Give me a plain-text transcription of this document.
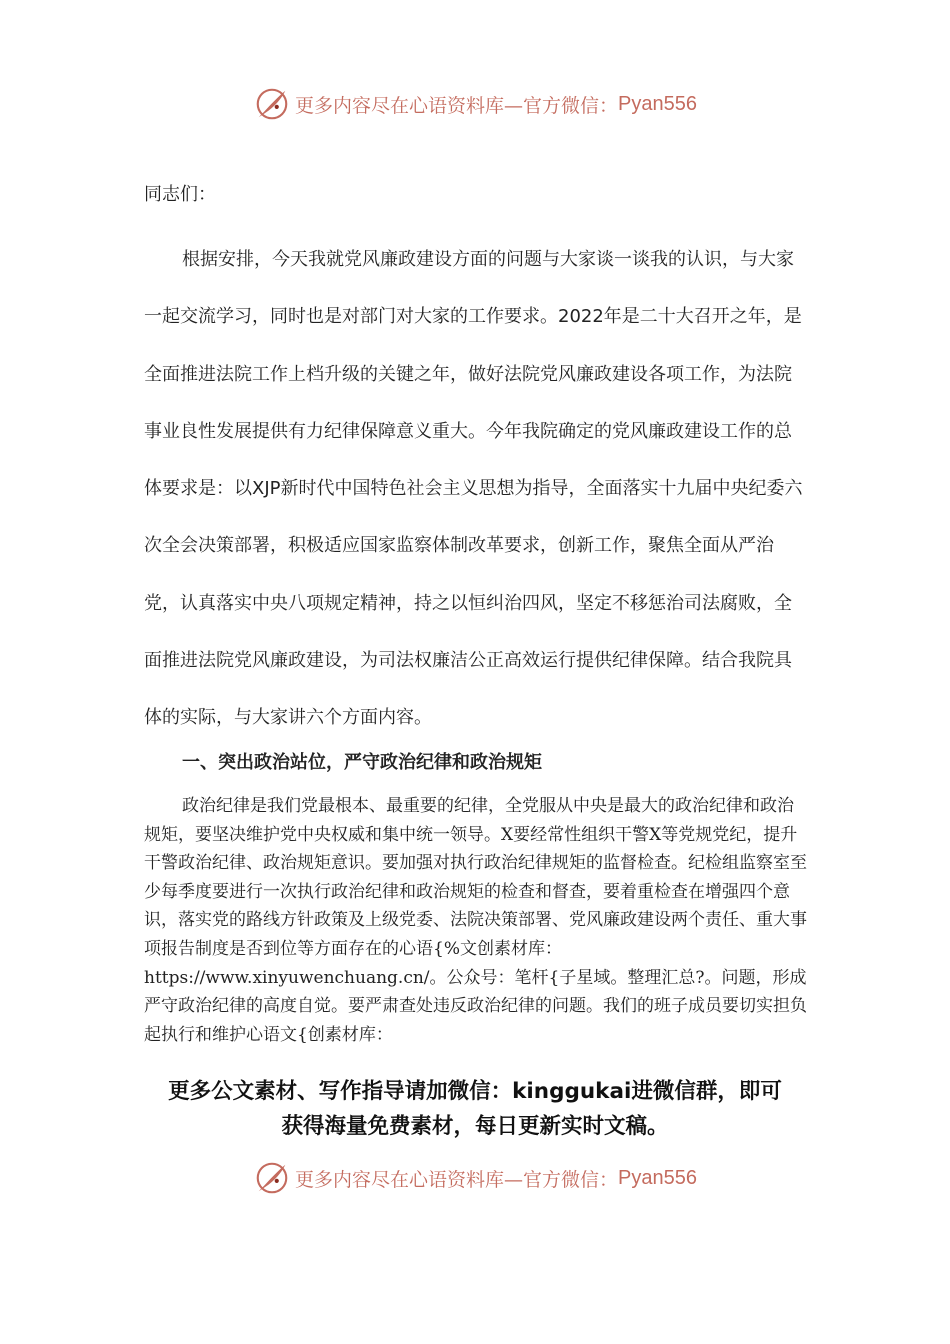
更多内容尽在心语资料库—官方微信： Pyan556
同志们：

根据安排，今天我就党风廉政建设方面的问题与大家谈一谈我的认识，与大家一起交流学习，同时也是对部门对大家的工作要求。2022年是二十大召开之年，是全面推进法院工作上档升级的关键之年，做好法院党风廉政建设各项工作，为法院事业良性发展提供有力纪律保障意义重大。今年我院确定的党风廉政建设工作的总体要求是：以XJP新时代中国特色社会主义思想为指导，全面落实十九届中央纪委六次全会决策部署，积极适应国家监察体制改革要求，创新工作，聚焦全面从严治党，认真落实中央八项规定精神，持之以恒纠治四风，坚定不移惩治司法腐败，全面推进法院党风廉政建设，为司法权廉洁公正高效运行提供纪律保障。结合我院具体的实际，与大家讲六个方面内容。

一、突出政治站位，严守政治纪律和政治规矩

政治纪律是我们党最根本、最重要的纪律，全党服从中央是最大的政治纪律和政治规矩，要坚决维护党中央权威和集中统一领导。X要经常性组织干警X等党规党纪，提升干警政治纪律、政治规矩意识。要加强对执行政治纪律规矩的监督检查。纪检组监察室至少每季度要进行一次执行政治纪律和政治规矩的检查和督查，要着重检查在增强四个意识，落实党的路线方针政策及上级党委、法院决策部署、党风廉政建设两个责任、重大事项报告制度是否到位等方面存在的心语{%文创素材库：https://www.xinyuwenchuang.cn/。公众号：笔杆{子星域。整理汇总?。问题，形成严守政治纪律的高度自觉。要严肃查处违反政治纪律的问题。我们的班子成员要切实担负起执行和维护心语文{创素材库：

更多公文素材、写作指导请加微信：kinggukai进微信群，即可
获得海量免费素材，每日更新实时文稿。
更多内容尽在心语资料库—官方微信： Pyan556
